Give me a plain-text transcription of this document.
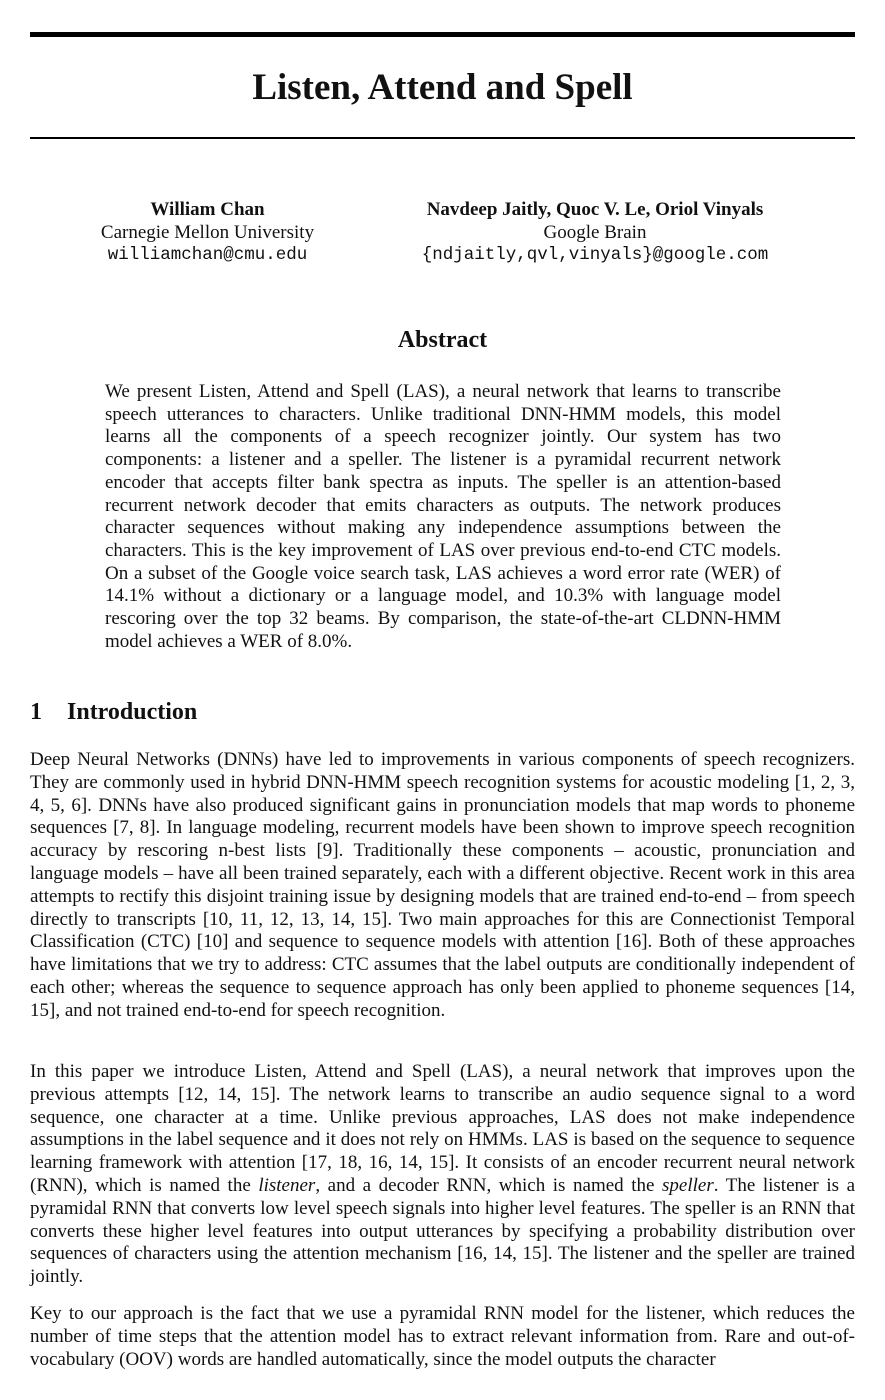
Listen, Attend and Spell
William Chan
Carnegie Mellon University
williamchan@cmu.edu
Navdeep Jaitly, Quoc V. Le, Oriol Vinyals
Google Brain
{ndjaitly,qvl,vinyals}@google.com
Abstract
We present Listen, Attend and Spell (LAS), a neural network that learns to transcribe speech utterances to characters. Unlike traditional DNN-HMM models, this model learns all the components of a speech recognizer jointly. Our system has two components: a listener and a speller. The listener is a pyramidal recurrent network encoder that accepts filter bank spectra as inputs. The speller is an attention-based recurrent network decoder that emits characters as outputs. The network produces character sequences without making any independence assumptions between the characters. This is the key improvement of LAS over previous end-to-end CTC models. On a subset of the Google voice search task, LAS achieves a word error rate (WER) of 14.1% without a dictionary or a language model, and 10.3% with language model rescoring over the top 32 beams. By comparison, the state-of-the-art CLDNN-HMM model achieves a WER of 8.0%.
1 Introduction

Deep Neural Networks (DNNs) have led to improvements in various components of speech recognizers. They are commonly used in hybrid DNN-HMM speech recognition systems for acoustic modeling [1, 2, 3, 4, 5, 6]. DNNs have also produced significant gains in pronunciation models that map words to phoneme sequences [7, 8]. In language modeling, recurrent models have been shown to improve speech recognition accuracy by rescoring n-best lists [9]. Traditionally these components – acoustic, pronunciation and language models – have all been trained separately, each with a different objective. Recent work in this area attempts to rectify this disjoint training issue by designing models that are trained end-to-end – from speech directly to transcripts [10, 11, 12, 13, 14, 15]. Two main approaches for this are Connectionist Temporal Classification (CTC) [10] and sequence to sequence models with attention [16]. Both of these approaches have limitations that we try to address: CTC assumes that the label outputs are conditionally independent of each other; whereas the sequence to sequence approach has only been applied to phoneme sequences [14, 15], and not trained end-to-end for speech recognition.

In this paper we introduce Listen, Attend and Spell (LAS), a neural network that improves upon the previous attempts [12, 14, 15]. The network learns to transcribe an audio sequence signal to a word sequence, one character at a time. Unlike previous approaches, LAS does not make independence assumptions in the label sequence and it does not rely on HMMs. LAS is based on the sequence to sequence learning framework with attention [17, 18, 16, 14, 15]. It consists of an encoder recurrent neural network (RNN), which is named the listener, and a decoder RNN, which is named the speller. The listener is a pyramidal RNN that converts low level speech signals into higher level features. The speller is an RNN that converts these higher level features into output utterances by specifying a probability distribution over sequences of characters using the attention mechanism [16, 14, 15]. The listener and the speller are trained jointly.

Key to our approach is the fact that we use a pyramidal RNN model for the listener, which reduces the number of time steps that the attention model has to extract relevant information from. Rare and out-of-vocabulary (OOV) words are handled automatically, since the model outputs the character
